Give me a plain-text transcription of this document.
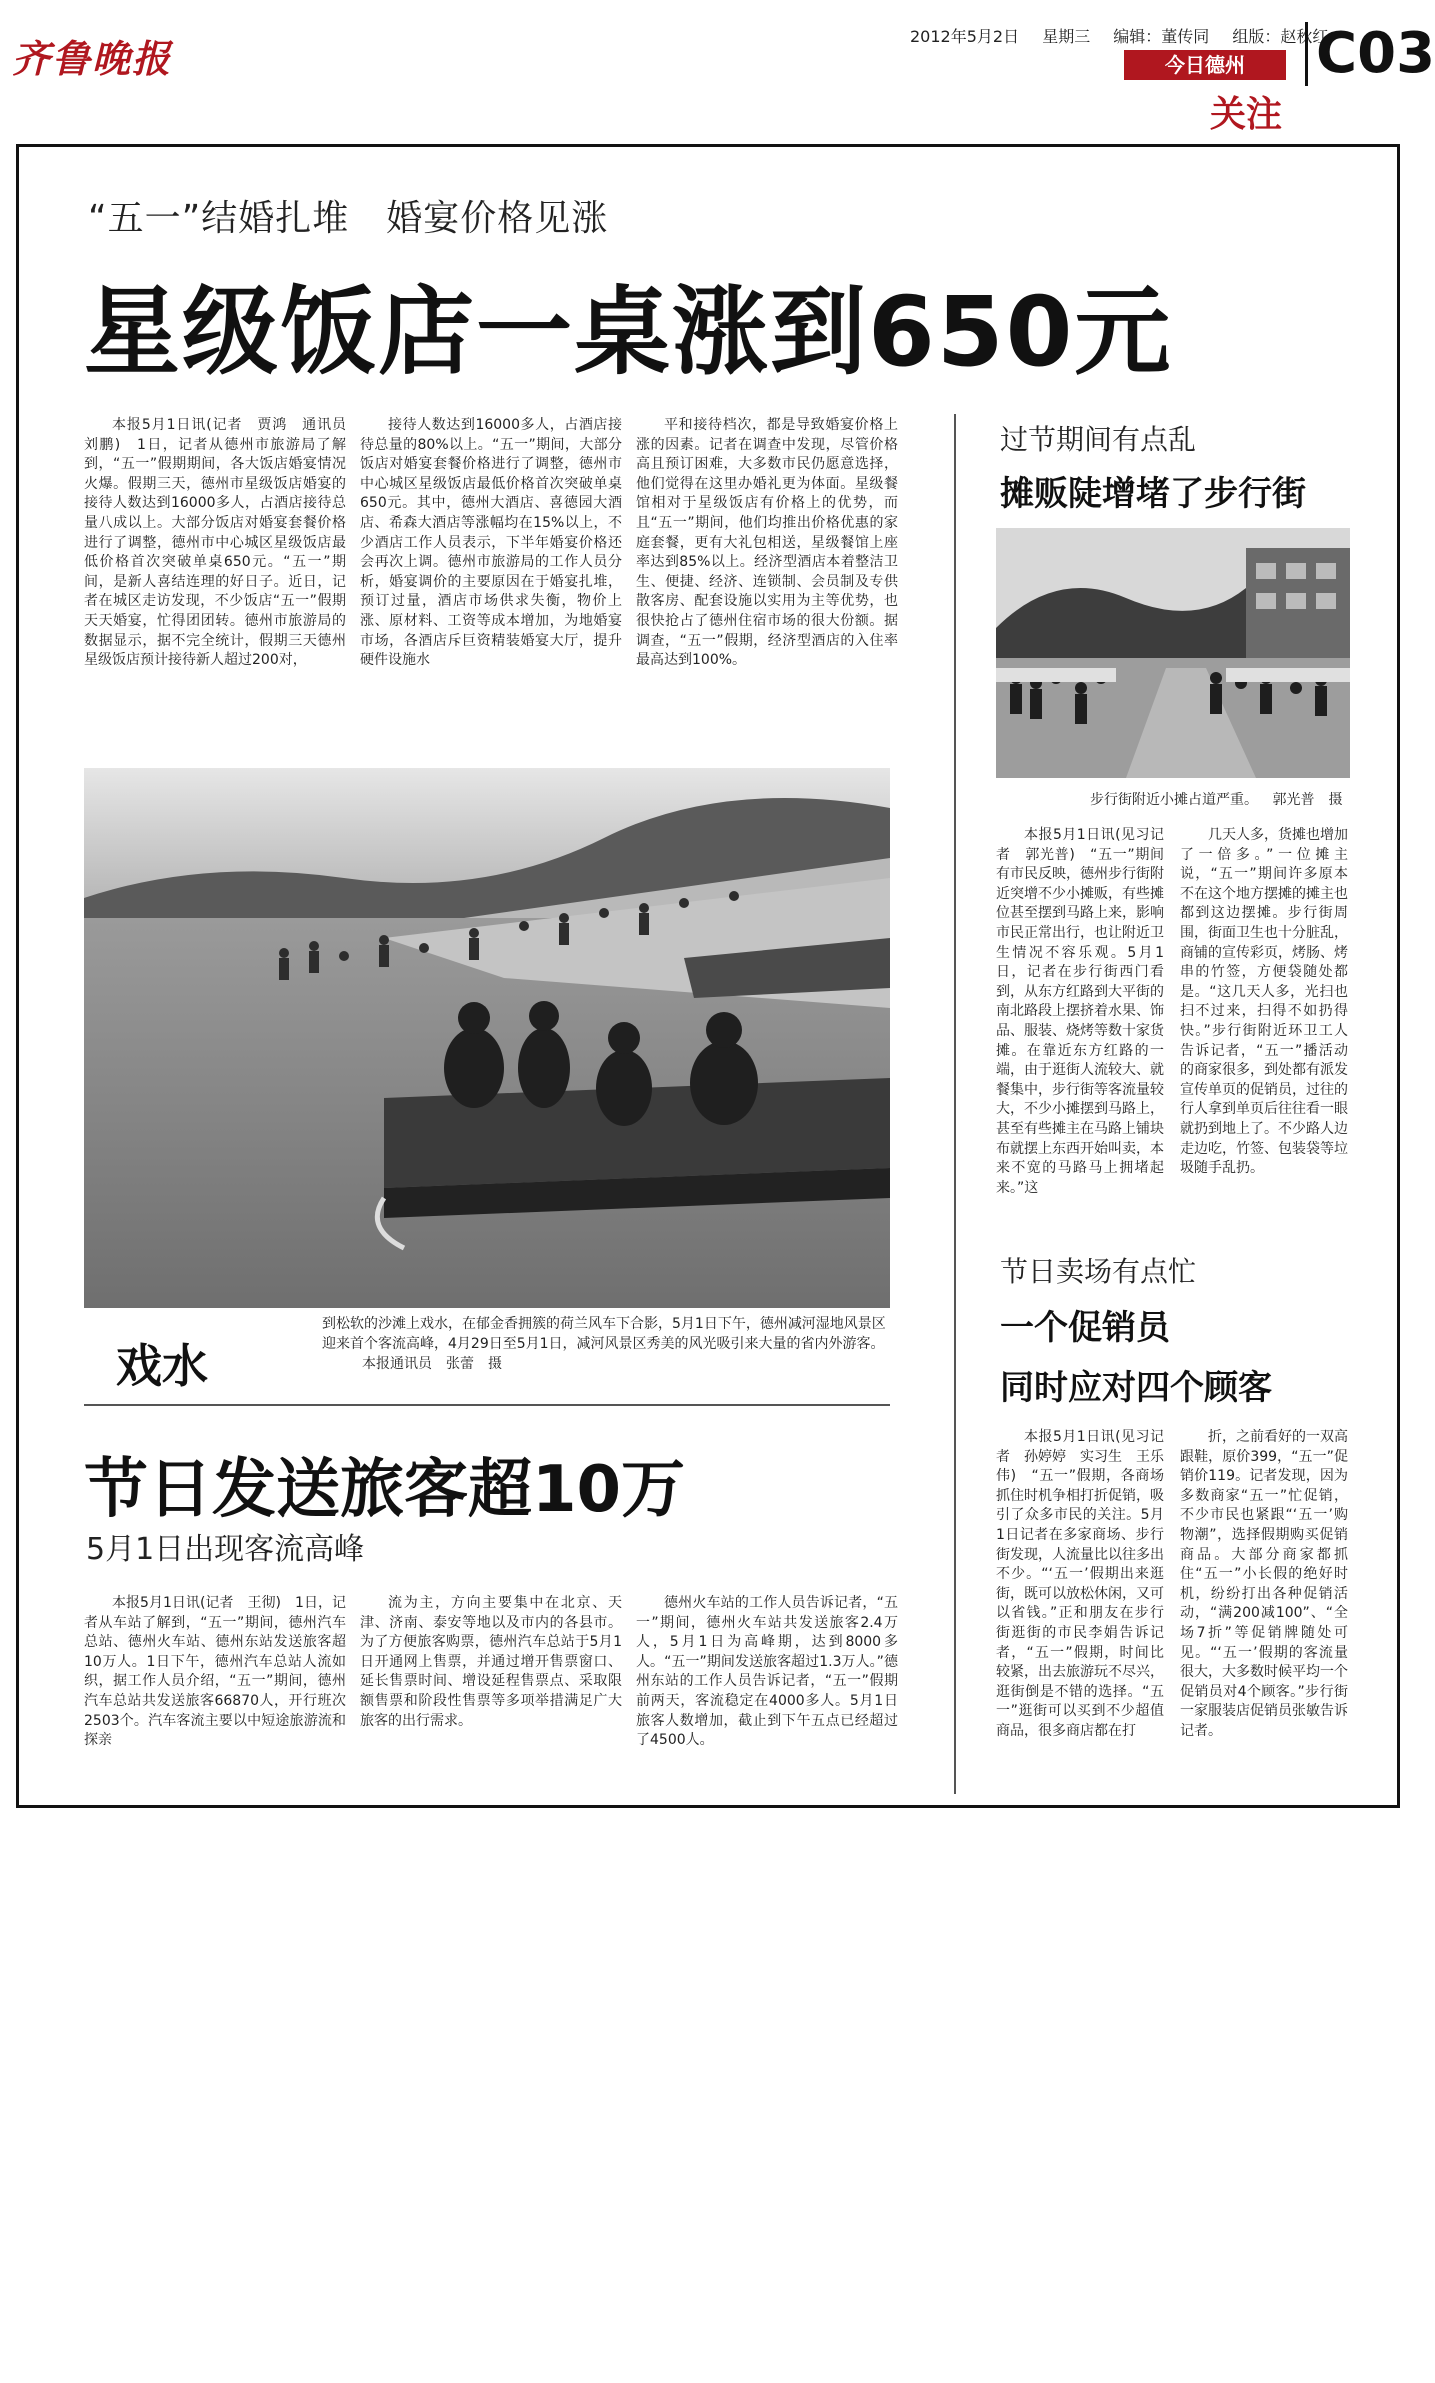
齐鲁晚报	2012年5月2日 星期三 编辑：董传同 组版：赵秋红
今日德州
关注
C03
“五一”结婚扎堆　婚宴价格见涨
星级饭店一桌涨到650元

本报5月1日讯(记者　贾鸿　通讯员　刘鹏)　1日，记者从德州市旅游局了解到，“五一”假期期间，各大饭店婚宴情况火爆。假期三天，德州市星级饭店婚宴的接待人数达到16000多人，占酒店接待总量八成以上。大部分饭店对婚宴套餐价格进行了调整，德州市中心城区星级饭店最低价格首次突破单桌650元。“五一”期间，是新人喜结连理的好日子。近日，记者在城区走访发现，不少饭店“五一”假期天天婚宴，忙得团团转。德州市旅游局的数据显示，据不完全统计，假期三天德州星级饭店预计接待新人超过200对，

接待人数达到16000多人，占酒店接待总量的80%以上。“五一”期间，大部分饭店对婚宴套餐价格进行了调整，德州市中心城区星级饭店最低价格首次突破单桌650元。其中，德州大酒店、喜德园大酒店、希森大酒店等涨幅均在15%以上，不少酒店工作人员表示，下半年婚宴价格还会再次上调。德州市旅游局的工作人员分析，婚宴调价的主要原因在于婚宴扎堆，预订过量，酒店市场供求失衡，物价上涨、原材料、工资等成本增加，为地婚宴市场，各酒店斥巨资精装婚宴大厅，提升硬件设施水

平和接待档次，都是导致婚宴价格上涨的因素。记者在调查中发现，尽管价格高且预订困难，大多数市民仍愿意选择，他们觉得在这里办婚礼更为体面。星级餐馆相对于星级饭店有价格上的优势，而且“五一”期间，他们均推出价格优惠的家庭套餐，更有大礼包相送，星级餐馆上座率达到85%以上。经济型酒店本着整洁卫生、便捷、经济、连锁制、会员制及专供散客房、配套设施以实用为主等优势，也很快抢占了德州住宿市场的很大份额。据调查，“五一”假期，经济型酒店的入住率最高达到100%。

戏水
到松软的沙滩上戏水，在郁金香拥簇的荷兰风车下合影，5月1日下午，德州减河湿地风景区迎来首个客流高峰，4月29日至5月1日，减河风景区秀美的风光吸引来大量的省内外游客。 本报通讯员　张蕾　摄
节日发送旅客超10万
5月1日出现客流高峰

本报5月1日讯(记者　王彻)　1日，记者从车站了解到，“五一”期间，德州汽车总站、德州火车站、德州东站发送旅客超10万人。1日下午，德州汽车总站人流如织，据工作人员介绍，“五一”期间，德州汽车总站共发送旅客66870人，开行班次2503个。汽车客流主要以中短途旅游流和探亲

流为主，方向主要集中在北京、天津、济南、泰安等地以及市内的各县市。为了方便旅客购票，德州汽车总站于5月1日开通网上售票，并通过增开售票窗口、延长售票时间、增设延程售票点、采取限额售票和阶段性售票等多项举措满足广大旅客的出行需求。

德州火车站的工作人员告诉记者，“五一”期间，德州火车站共发送旅客2.4万人，5月1日为高峰期，达到8000多人。“五一”期间发送旅客超过1.3万人。”德州东站的工作人员告诉记者，“五一”假期前两天，客流稳定在4000多人。5月1日旅客人数增加，截止到下午五点已经超过了4500人。

过节期间有点乱
摊贩陡增堵了步行街
步行街附近小摊占道严重。 郭光普　摄

本报5月1日讯(见习记者　郭光普)　“五一”期间有市民反映，德州步行街附近突增不少小摊贩，有些摊位甚至摆到马路上来，影响市民正常出行，也让附近卫生情况不容乐观。5月1日，记者在步行街西门看到，从东方红路到大平街的南北路段上摆挤着水果、饰品、服装、烧烤等数十家货摊。在靠近东方红路的一端，由于逛街人流较大、就餐集中，步行街等客流量较大，不少小摊摆到马路上，甚至有些摊主在马路上铺块布就摆上东西开始叫卖，本来不宽的马路马上拥堵起来。”这

几天人多，货摊也增加了一倍多。”一位摊主说，“五一”期间许多原本不在这个地方摆摊的摊主也都到这边摆摊。步行街周围，街面卫生也十分脏乱，商铺的宣传彩页，烤肠、烤串的竹签，方便袋随处都是。“这几天人多，光扫也扫不过来，扫得不如扔得快。”步行街附近环卫工人告诉记者，“五一”播活动的商家很多，到处都有派发宣传单页的促销员，过往的行人拿到单页后往往看一眼就扔到地上了。不少路人边走边吃，竹签、包装袋等垃圾随手乱扔。

节日卖场有点忙
一个促销员
同时应对四个顾客

本报5月1日讯(见习记者　孙婷婷　实习生　王乐伟)　“五一”假期，各商场抓住时机争相打折促销，吸引了众多市民的关注。5月1日记者在多家商场、步行街发现，人流量比以往多出不少。“‘五一’假期出来逛街，既可以放松休闲，又可以省钱。”正和朋友在步行街逛街的市民李娟告诉记者，“五一”假期，时间比较紧，出去旅游玩不尽兴，逛街倒是不错的选择。“五一”逛街可以买到不少超值商品，很多商店都在打

折，之前看好的一双高跟鞋，原价399，“五一”促销价119。记者发现，因为多数商家“五一”忙促销，不少市民也紧跟“‘五一’购物潮”，选择假期购买促销商品。大部分商家都抓住“五一”小长假的绝好时机，纷纷打出各种促销活动，“满200减100”、“全场7折”等促销牌随处可见。“‘五一’假期的客流量很大，大多数时候平均一个促销员对4个顾客。”步行街一家服装店促销员张敏告诉记者。
